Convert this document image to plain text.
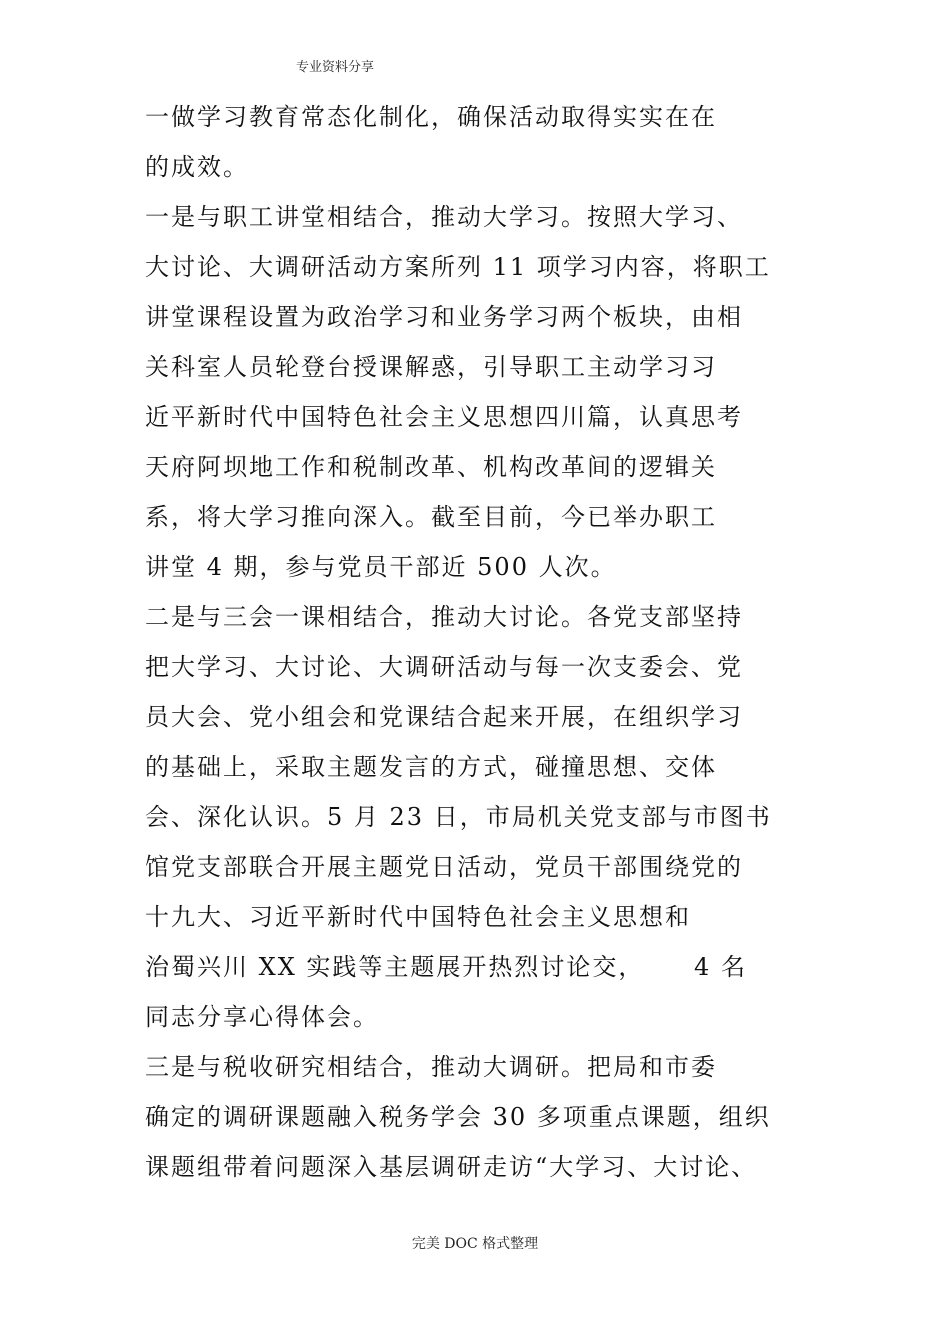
专业资料分享
一做学习教育常态化制化，确保活动取得实实在在
的成效。
一是与职工讲堂相结合，推动大学习。按照大学习、
大讨论、大调研活动方案所列 11 项学习内容，将职工
讲堂课程设置为政治学习和业务学习两个板块，由相
关科室人员轮登台授课解惑，引导职工主动学习习
近平新时代中国特色社会主义思想四川篇，认真思考
天府阿坝地工作和税制改革、机构改革间的逻辑关
系，将大学习推向深入。截至目前，今已举办职工
讲堂 4 期，参与党员干部近 500 人次。
二是与三会一课相结合，推动大讨论。各党支部坚持
把大学习、大讨论、大调研活动与每一次支委会、党
员大会、党小组会和党课结合起来开展，在组织学习
的基础上，采取主题发言的方式，碰撞思想、交体
会、深化认识。5 月 23 日，市局机关党支部与市图书
馆党支部联合开展主题党日活动，党员干部围绕党的
十九大、习近平新时代中国特色社会主义思想和
治蜀兴川 XX 实践等主题展开热烈讨论交，　　 4 名
同志分享心得体会。
三是与税收研究相结合，推动大调研。把局和市委
确定的调研课题融入税务学会 30 多项重点课题，组织
课题组带着问题深入基层调研走访“大学习、大讨论、
完美 DOC 格式整理
